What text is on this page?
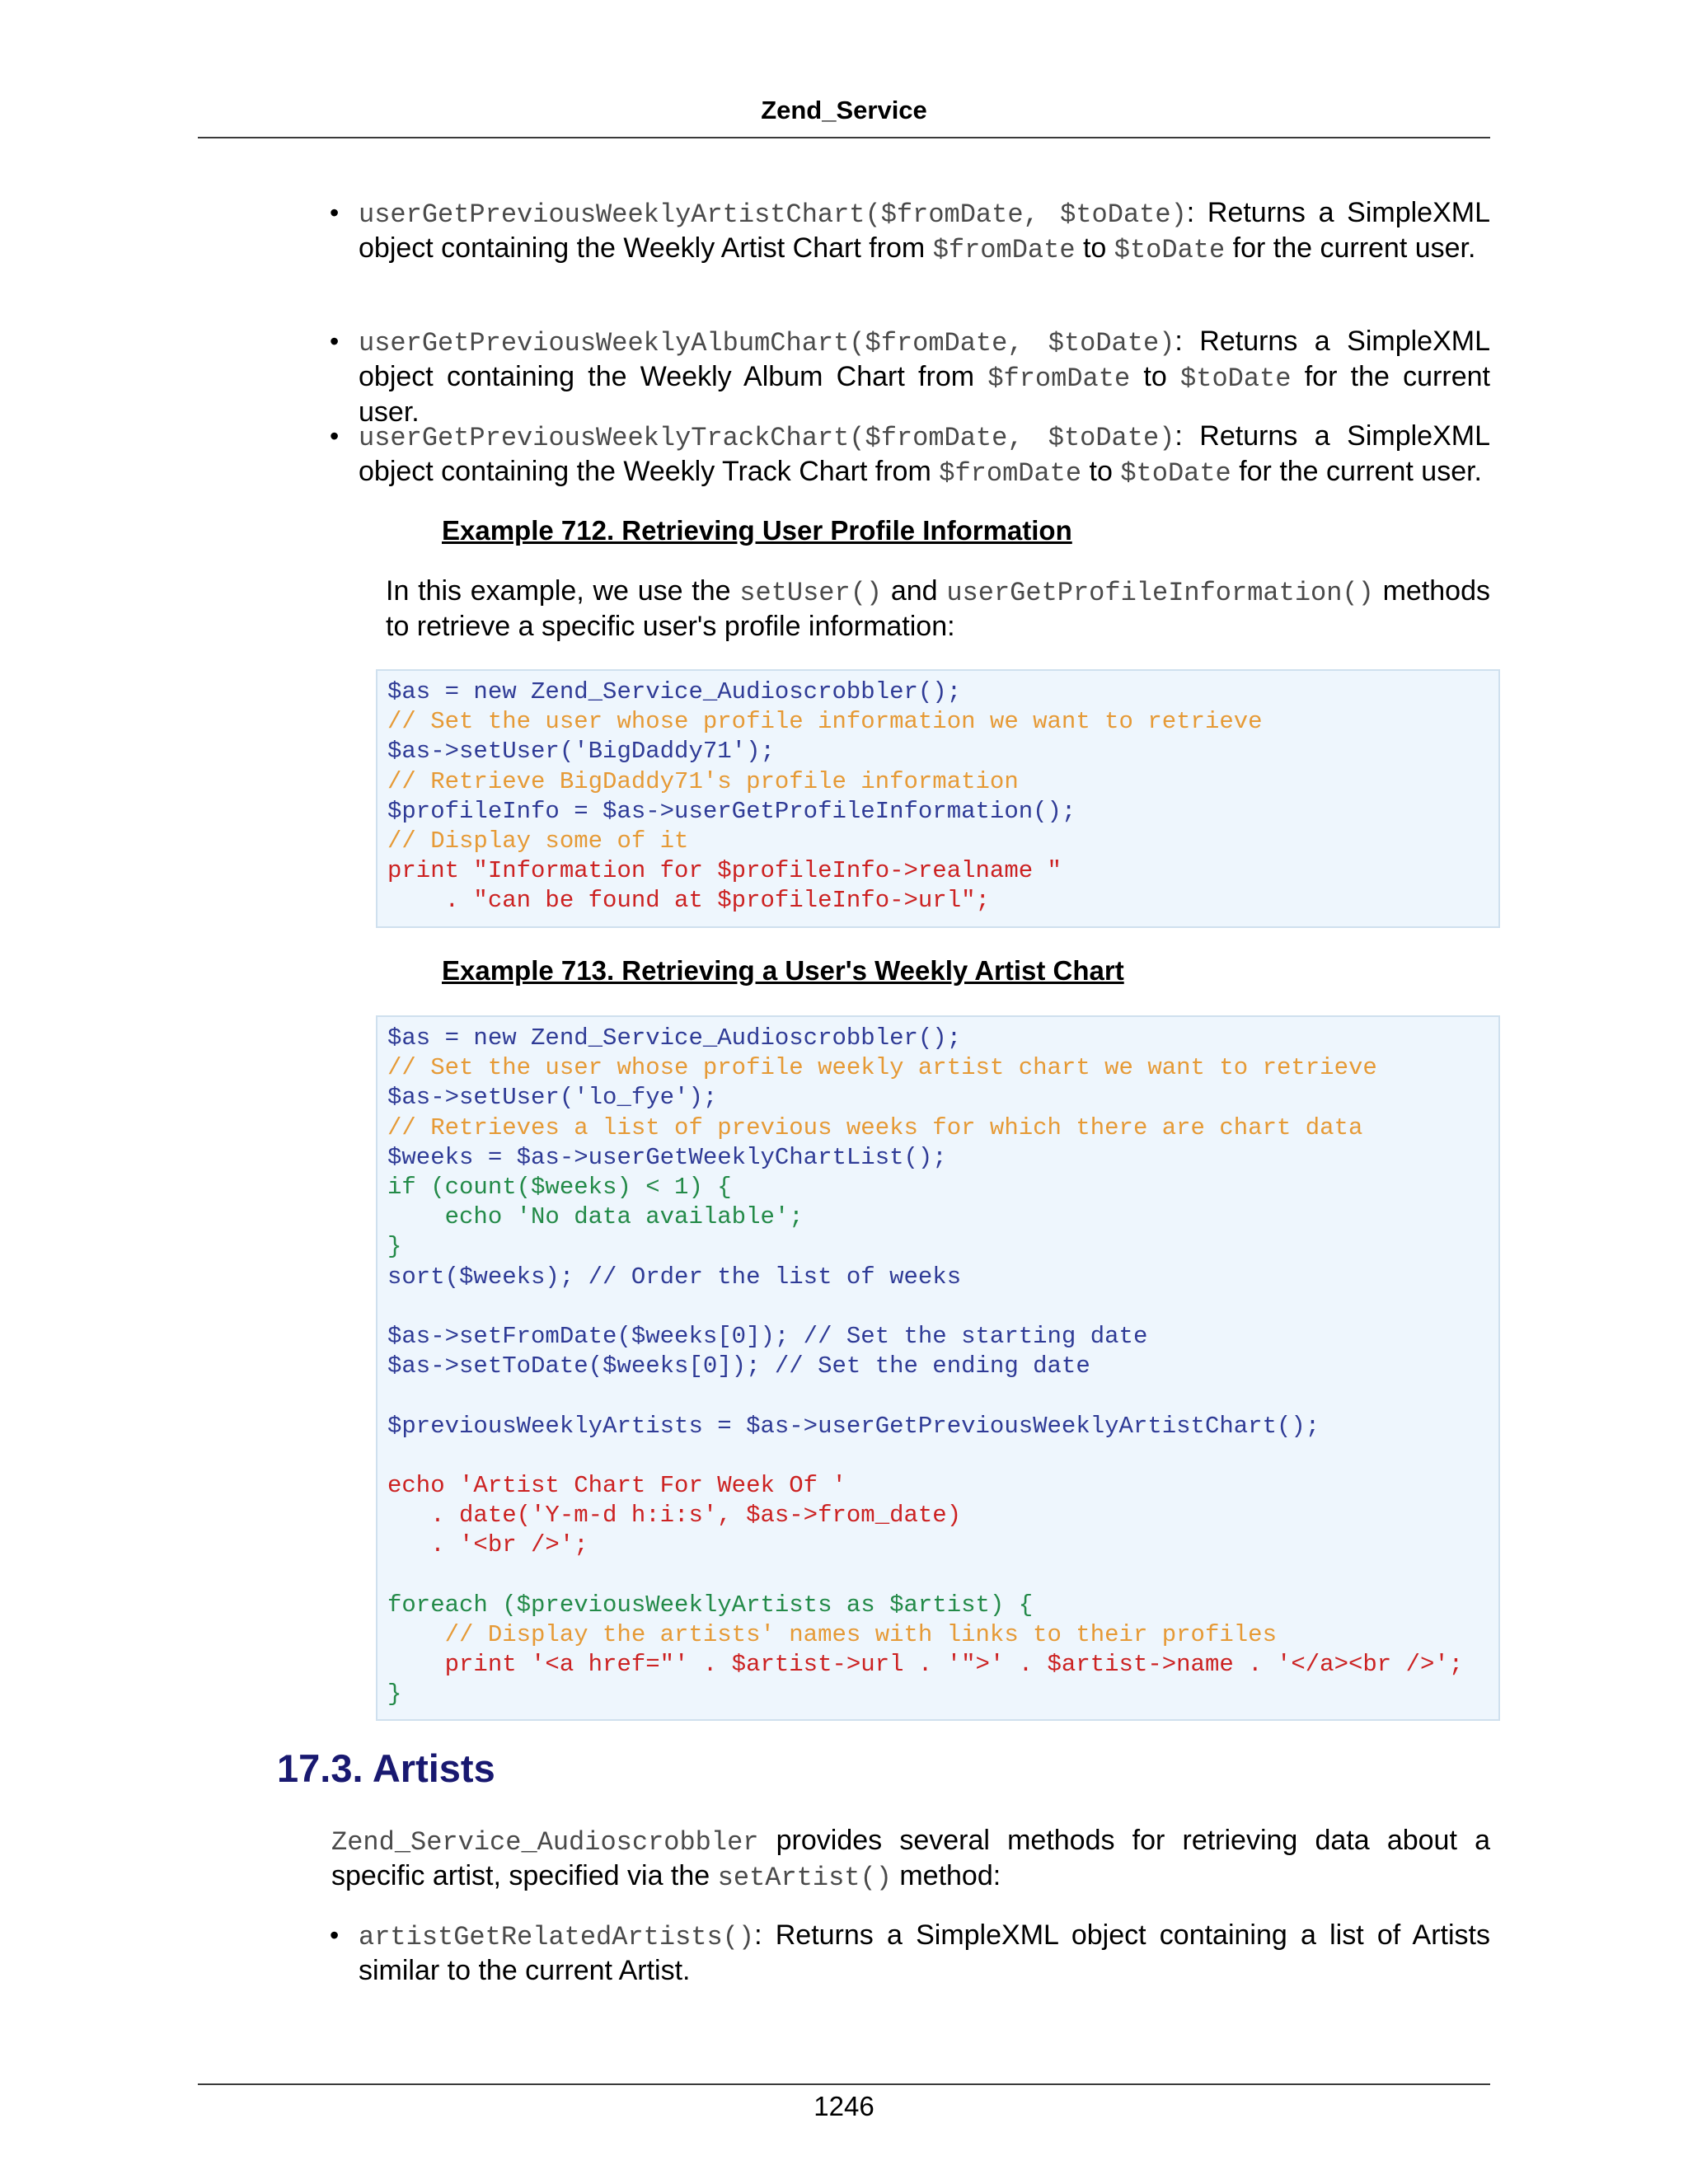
Zend_Service
• userGetPreviousWeeklyArtistChart($fromDate, $toDate): Returns a SimpleXML object containing the Weekly Artist Chart from $fromDate to $toDate for the current user.
• userGetPreviousWeeklyAlbumChart($fromDate, $toDate): Returns a SimpleXML object containing the Weekly Album Chart from $fromDate to $toDate for the current user.
• userGetPreviousWeeklyTrackChart($fromDate, $toDate): Returns a SimpleXML object containing the Weekly Track Chart from $fromDate to $toDate for the current user.
Example 712. Retrieving User Profile Information
In this example, we use the setUser() and userGetProfileInformation() methods to retrieve a specific user's profile information:
$as = new Zend_Service_Audioscrobbler();
// Set the user whose profile information we want to retrieve
$as->setUser('BigDaddy71');
// Retrieve BigDaddy71's profile information
$profileInfo = $as->userGetProfileInformation();
// Display some of it
print "Information for $profileInfo->realname "
. "can be found at $profileInfo->url";
Example 713. Retrieving a User's Weekly Artist Chart
$as = new Zend_Service_Audioscrobbler();
// Set the user whose profile weekly artist chart we want to retrieve
$as->setUser('lo_fye');
// Retrieves a list of previous weeks for which there are chart data
$weeks = $as->userGetWeeklyChartList();
if (count($weeks) < 1) {
echo 'No data available';
}
sort($weeks); // Order the list of weeks

$as->setFromDate($weeks[0]); // Set the starting date
$as->setToDate($weeks[0]); // Set the ending date

$previousWeeklyArtists = $as->userGetPreviousWeeklyArtistChart();

echo 'Artist Chart For Week Of '
. date('Y-m-d h:i:s', $as->from_date)
. '<br />';

foreach ($previousWeeklyArtists as $artist) {
// Display the artists' names with links to their profiles
print '<a href="' . $artist->url . '">' . $artist->name . '</a><br />';
}
17.3. Artists
Zend_Service_Audioscrobbler provides several methods for retrieving data about a specific artist, specified via the setArtist() method:
• artistGetRelatedArtists(): Returns a SimpleXML object containing a list of Artists similar to the current Artist.
1246
